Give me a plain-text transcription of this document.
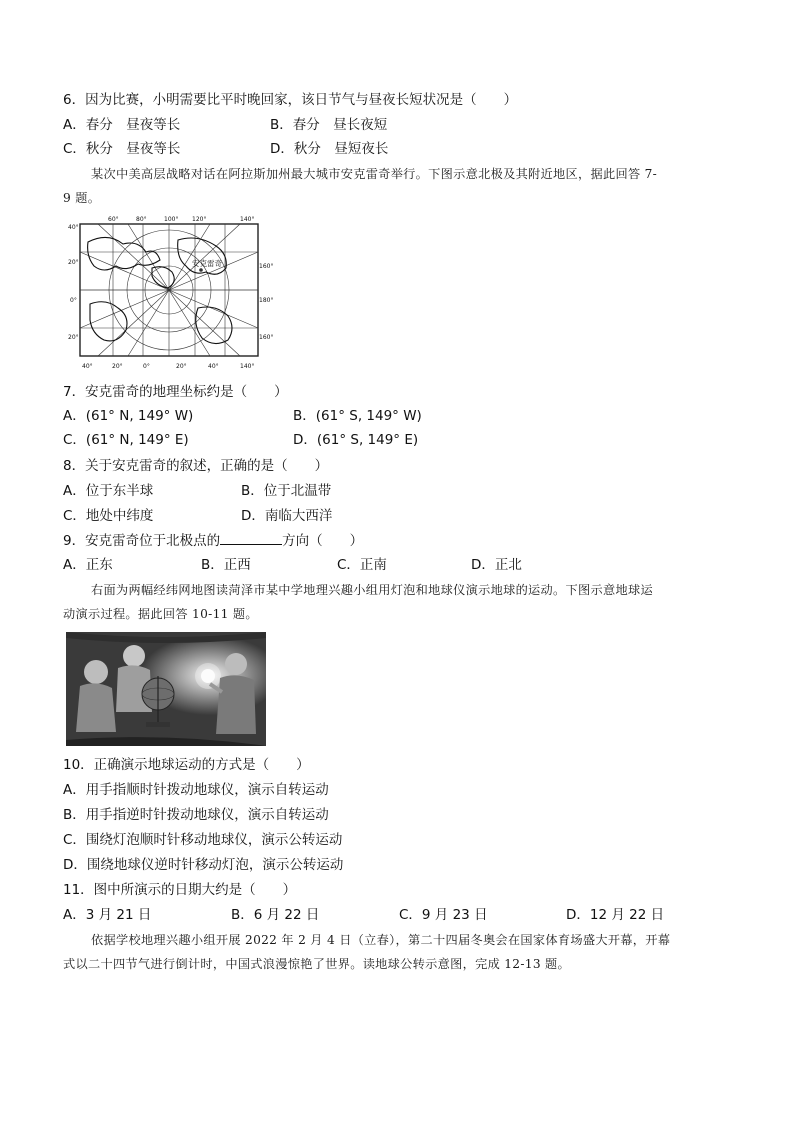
6．因为比赛，小明需要比平时晚回家，该日节气与昼夜长短状况是（　　）
A．春分　昼夜等长	B．春分　昼长夜短
C．秋分　昼夜等长	D．秋分　昼短夜长
某次中美高层战略对话在阿拉斯加州最大城市安克雷奇举行。下图示意北极及其附近地区，据此回答 7-
9 题。
安克雷奇
60°	80°	100° 120°	140°
40°	20°	0°	20°	40°	140°
40°
20°
0°
20°
160°
180°
160°
7．安克雷奇的地理坐标约是（　　）
A．(61° N, 149° W)	B．(61° S, 149° W)
C．(61° N, 149° E)	D．(61° S, 149° E)
8．关于安克雷奇的叙述，正确的是（　　）
A．位于东半球	B．位于北温带
C．地处中纬度	D．南临大西洋
9．安克雷奇位于北极点的	方向（　　）
A．正东	B．正西	C．正南	D．正北
右面为两幅经纬网地图读菏泽市某中学地理兴趣小组用灯泡和地球仪演示地球的运动。下图示意地球运
动演示过程。据此回答 10-11 题。
10．正确演示地球运动的方式是（　　）
A．用手指顺时针拨动地球仪，演示自转运动
B．用手指逆时针拨动地球仪，演示自转运动
C．围绕灯泡顺时针移动地球仪，演示公转运动
D．围绕地球仪逆时针移动灯泡，演示公转运动
11．图中所演示的日期大约是（　　）
A．3 月 21 日	B．6 月 22 日	C．9 月 23 日	D．12 月 22 日
依据学校地理兴趣小组开展 2022 年 2 月 4 日（立春），第二十四届冬奥会在国家体育场盛大开幕，开幕
式以二十四节气进行倒计时，中国式浪漫惊艳了世界。读地球公转示意图，完成 12-13 题。
